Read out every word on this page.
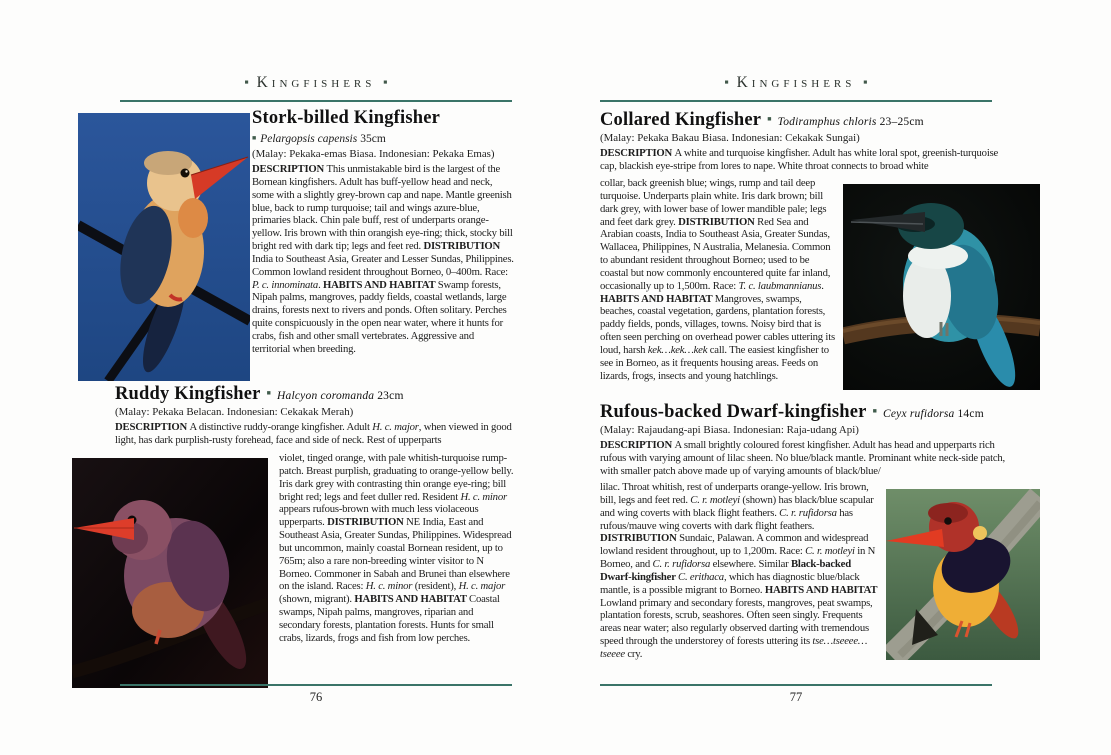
■ Kingfishers ■
Stork-billed Kingfisher
■ Pelargopsis capensis 35cm
(Malay: Pekaka-emas Biasa. Indonesian: Pekaka Emas)

DESCRIPTION This unmistakable bird is the largest of the Bornean kingfishers. Adult has buff-yellow head and neck, some with a slightly grey-brown cap and nape. Mantle greenish blue, back to rump turquoise; tail and wings azure-blue, primaries black. Chin pale buff, rest of underparts orange-yellow. Iris brown with thin orangish eye-ring; thick, stocky bill bright red with dark tip; legs and feet red. DISTRIBUTION India to Southeast Asia, Greater and Lesser Sundas, Philippines. Common lowland resident throughout Borneo, 0–400m. Race: P. c. innominata. HABITS AND HABITAT Swamp forests, Nipah palms, mangroves, paddy fields, coastal wetlands, large drains, forests next to rivers and ponds. Often solitary. Perches quite conspicuously in the open near water, where it hunts for crabs, fish and other small vertebrates. Aggressive and territorial when breeding.

Ruddy Kingfisher ■ Halcyon coromanda 23cm
(Malay: Pekaka Belacan. Indonesian: Cekakak Merah)

DESCRIPTION A distinctive ruddy-orange kingfisher. Adult H. c. major, when viewed in good light, has dark purplish-rusty forehead, face and side of neck. Rest of upperparts

violet, tinged orange, with pale whitish-turquoise rump-patch. Breast purplish, graduating to orange-yellow belly. Iris dark grey with contrasting thin orange eye-ring; bill bright red; legs and feet duller red. Resident H. c. minor appears rufous-brown with much less violaceous upperparts. DISTRIBUTION NE India, East and Southeast Asia, Greater Sundas, Philippines. Widespread but uncommon, mainly coastal Bornean resident, up to 765m; also a rare non-breeding winter visitor to N Borneo. Commoner in Sabah and Brunei than elsewhere on the island. Races: H. c. minor (resident), H. c. major (shown, migrant). HABITS AND HABITAT Coastal swamps, Nipah palms, mangroves, riparian and secondary forests, plantation forests. Hunts for small crabs, lizards, frogs and fish from low perches.

76
■ Kingfishers ■
Collared Kingfisher ■ Todiramphus chloris 23–25cm
(Malay: Pekaka Bakau Biasa. Indonesian: Cekakak Sungai)

DESCRIPTION A white and turquoise kingfisher. Adult has white loral spot, greenish-turquoise cap, blackish eye-stripe from lores to nape. White throat connects to broad white

collar, back greenish blue; wings, rump and tail deep turquoise. Underparts plain white. Iris dark brown; bill dark grey, with lower base of lower mandible pale; legs and feet dark grey. DISTRIBUTION Red Sea and Arabian coasts, India to Southeast Asia, Greater Sundas, Wallacea, Philippines, N Australia, Melanesia. Common to abundant resident throughout Borneo; used to be coastal but now commonly encountered quite far inland, occasionally up to 1,500m. Race: T. c. laubmannianus. HABITS AND HABITAT Mangroves, swamps, beaches, coastal vegetation, gardens, plantation forests, paddy fields, ponds, villages, towns. Noisy bird that is often seen perching on overhead power cables uttering its loud, harsh kek…kek…kek call. The easiest kingfisher to see in Borneo, as it frequents housing areas. Feeds on lizards, frogs, insects and young hatchlings.

Rufous-backed Dwarf-kingfisher ■ Ceyx rufidorsa 14cm
(Malay: Rajaudang-api Biasa. Indonesian: Raja-udang Api)

DESCRIPTION A small brightly coloured forest kingfisher. Adult has head and upperparts rich rufous with varying amount of lilac sheen. No blue/black mantle. Prominant white neck-side patch, with smaller patch above made up of varying amounts of black/blue/

lilac. Throat whitish, rest of underparts orange-yellow. Iris brown, bill, legs and feet red. C. r. motleyi (shown) has black/blue scapular and wing coverts with black flight feathers. C. r. rufidorsa has rufous/mauve wing coverts with dark flight feathers. DISTRIBUTION Sundaic, Palawan. A common and widespread lowland resident throughout, up to 1,200m. Race: C. r. motleyi in N Borneo, and C. r. rufidorsa elsewhere. Similar Black-backed Dwarf-kingfisher C. erithaca, which has diagnostic blue/black mantle, is a possible migrant to Borneo. HABITS AND HABITAT Lowland primary and secondary forests, mangroves, peat swamps, plantation forests, scrub, seashores. Often seen singly. Frequents areas near water; also regularly observed darting with tremendous speed through the understorey of forests uttering its tse…tseeee…tseeee cry.

77
